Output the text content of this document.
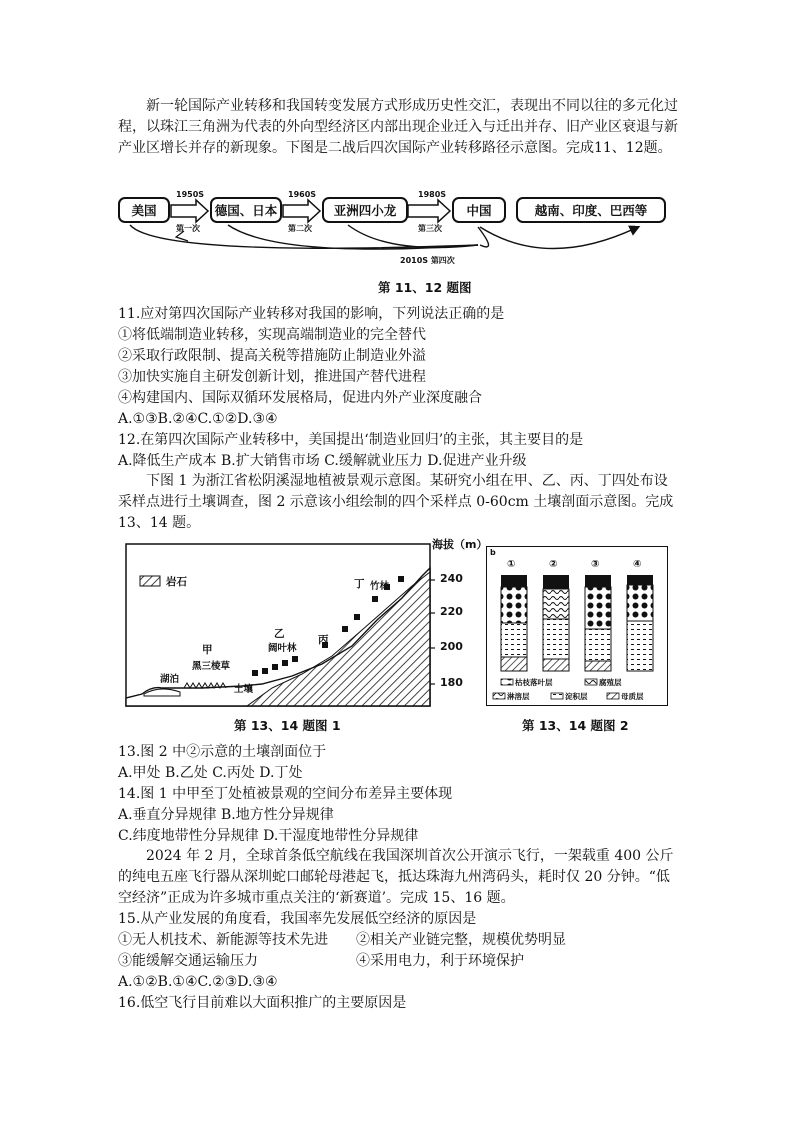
新一轮国际产业转移和我国转变发展方式形成历史性交汇，表现出不同以往的多元化过程，以珠江三角洲为代表的外向型经济区内部出现企业迁入与迁出并存、旧产业区衰退与新产业区增长并存的新现象。下图是二战后四次国际产业转移路径示意图。完成11、12题。

美国	德国、日本	亚洲四小龙	中国	越南、印度、巴西等
1950S	1960S	1980S
第一次	第二次	第三次
2010S 第四次
第 11、12 题图
11.应对第四次国际产业转移对我国的影响，下列说法正确的是
①将低端制造业转移，实现高端制造业的完全替代
②采取行政限制、提高关税等措施防止制造业外溢
③加快实施自主研发创新计划，推进国产替代进程
④构建国内、国际双循环发展格局，促进内外产业深度融合
A.①③B.②④C.①②D.③④
12.在第四次国际产业转移中，美国提出‘制造业回归’的主张，其主要目的是
A.降低生产成本 B.扩大销售市场 C.缓解就业压力 D.促进产业升级

下图 1 为浙江省松阴溪湿地植被景观示意图。某研究小组在甲、乙、丙、丁四处布设采样点进行土壤调查，图 2 示意该小组绘制的四个采样点 0-60cm 土壤剖面示意图。完成 13、14 题。

海拔（m）
240
220
200
180
岩石
甲
黑三棱草
乙
阔叶林
丙
丁 竹林
湖泊
土壤
第 13、14 题图 1
b
①	②	③	④
枯枝落叶层	腐殖层
淋溶层	淀积层	母质层
第 13、14 题图 2
13.图 2 中②示意的土壤剖面位于
A.甲处 B.乙处 C.丙处 D.丁处
14.图 1 中甲至丁处植被景观的空间分布差异主要体现
A.垂直分异规律 B.地方性分异规律
C.纬度地带性分异规律 D.干湿度地带性分异规律

2024 年 2 月，全球首条低空航线在我国深圳首次公开演示飞行，一架载重 400 公斤的纯电五座飞行器从深圳蛇口邮轮母港起飞，抵达珠海九州湾码头，耗时仅 20 分钟。“低空经济”正成为许多城市重点关注的‘新赛道’。完成 15、16 题。

15.从产业发展的角度看，我国率先发展低空经济的原因是
①无人机技术、新能源等技术先进 ②相关产业链完整，规模优势明显
③能缓解交通运输压力	④采用电力，利于环境保护
A.①②B.①④C.②③D.③④
16.低空飞行目前难以大面积推广的主要原因是
